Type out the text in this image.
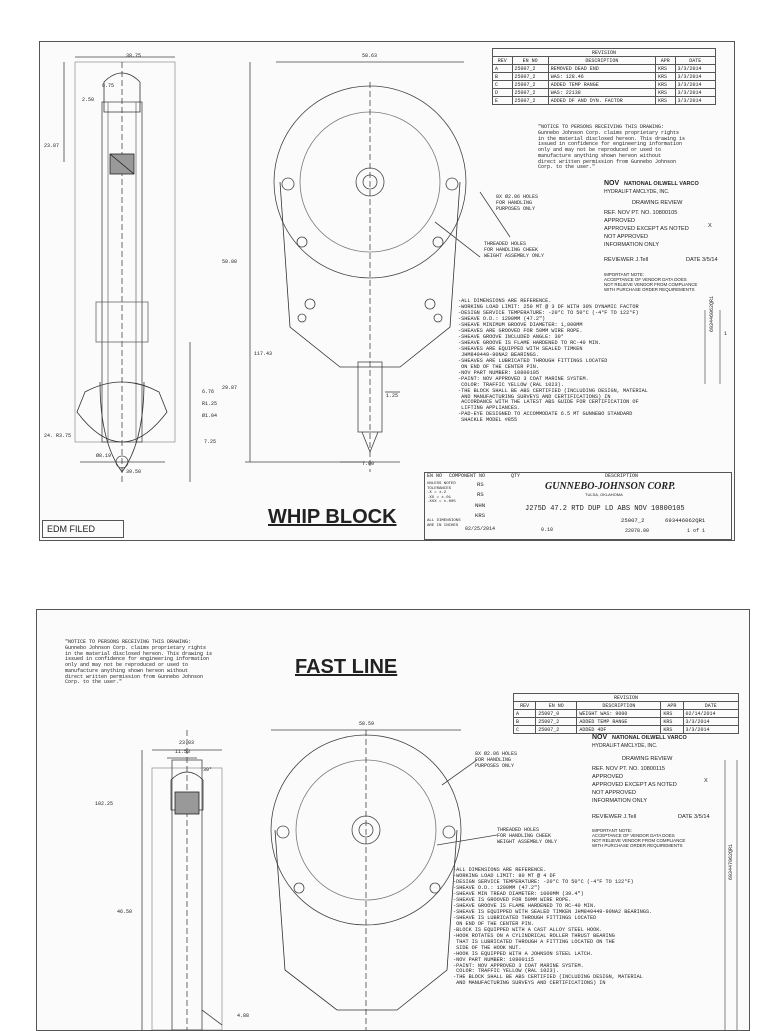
REVISION				
REV	EN NO	DESCRIPTION	APR	DATE
A	25007_2	REMOVED DEAD END	KRS	3/3/2014
B	25007_2	WAS: 128.46	KRS	3/3/2014
C	25007_2	ADDED TEMP RANGE	KRS	3/3/2014
D	25007_2	WAS: 22138	KRS	3/3/2014
E	25007_2	ADDED DF AND DYN. FACTOR	KRS	3/3/2014
"NOTICE TO PERSONS RECEIVING THIS DRAWING:
Gunnebo Johnson Corp. claims proprietary rights
in the material disclosed hereon. This drawing is
issued in confidence for engineering information
only and may not be reproduced or used to
manufacture anything shown hereon without
direct written permission from Gunnebo Johnson
Corp. to the user."
NOV NATIONAL OILWELL VARCO
HYDRALIFT AMCLYDE, INC.
DRAWING REVIEW
REF. NOV PT. NO. 10800105
APPROVED
APPROVED EXCEPT AS NOTED	X
NOT APPROVED
INFORMATION ONLY
REVIEWER J.Tell	DATE 3/5/14
IMPORTANT NOTE:
ACCEPTANCE OF VENDOR DATA DOES
NOT RELIEVE VENDOR FROM COMPLIANCE
WITH PURCHASE ORDER REQUIREMENTS
38.75	58.63
6.75
2.50
23.87
50.00
117.43
6.76
R1.25
29.87
Ø1.04
24. R3.75
Ø8.19
39.50
7.25
7.00
1.25
8X Ø2.06 HOLES
FOR HANDLING
PURPOSES ONLY
THREADED HOLES
FOR HANDLING CHEEK
WEIGHT ASSEMBLY ONLY
-ALL DIMENSIONS ARE REFERENCE.
-WORKING LOAD LIMIT: 250 MT @ 3 DF WITH 30% DYNAMIC FACTOR
-DESIGN SERVICE TEMPERATURE: -20°C TO 50°C (-4°F TO 122°F)
-SHEAVE O.D.: 1200MM (47.2")
-SHEAVE MINIMUM GROOVE DIAMETER: 1,000MM
-SHEAVES ARE GROOVED FOR 50MM WIRE ROPE.
-SHEAVE GROOVE INCLUDED ANGLE: 30°
-SHEAVE GROOVE IS FLAME HARDENED TO RC-40 MIN.
-SHEAVES ARE EQUIPPED WITH SEALED TIMKEN
JHM840449-90NA2 BEARINGS.
-SHEAVES ARE LUBRICATED THROUGH FITTINGS LOCATED
ON END OF THE CENTER PIN.
-NOV PART NUMBER: 10800105
-PAINT: NOV APPROVED 3 COAT MARINE SYSTEM.
COLOR: TRAFFIC YELLOW (RAL 1023).
-THE BLOCK SHALL BE ABS CERTIFIED (INCLUDING DESIGN, MATERIAL
AND MANUFACTURING SURVEYS AND CERTIFICATIONS) IN
ACCORDANCE WITH THE LATEST ABS GUIDE FOR CERTIFICATION OF
LIFTING APPLIANCES.
-PAD-EYE DESIGNED TO ACCOMMODATE 6.5 MT GUNNEBO STANDARD
SHACKLE MODEL #855
693446062QR1
1
EN NO COMPONENT NO	QTY	DESCRIPTION
UNLESS NOTED
TOLERANCES
.X = ±.2
.XX = ±.01
.XXX = ±.005
ALL DIMENSIONS
ARE IN INCHES
RS
RS
NHN
KRS
02/25/2014
GUNNEBO-JOHNSON CORP.
TULSA, OKLAHOMA
J275D 47.2 RTD DUP LD ABS NOV 10800105
0.10
25007_2	693446062QR1
22078.00	1 of 1
WHIP BLOCK
EDM FILED
"NOTICE TO PERSONS RECEIVING THIS DRAWING:
Gunnebo Johnson Corp. claims proprietary rights
in the material disclosed hereon. This drawing is
issued in confidence for engineering information
only and may not be reproduced or used to
manufacture anything shown hereon without
direct written permission from Gunnebo Johnson
Corp. to the user."
FAST LINE
REVISION				
REV	EN NO	DESCRIPTION	APR	DATE
A	25007_0	WEIGHT WAS: 9000	KRS	02/14/2014
B	25007_2	ADDED TEMP RANGE	KRS	3/3/2014
C	25007_2	ADDED 4DF	KRS	3/3/2014
NOV NATIONAL OILWELL VARCO
HYDRALIFT AMCLYDE, INC.
DRAWING REVIEW
REF. NOV PT. NO. 10800115
APPROVED
APPROVED EXCEPT AS NOTED
X
NOT APPROVED
INFORMATION ONLY
REVIEWER J.Tell	DATE 3/5/14
IMPORTANT NOTE:
ACCEPTANCE OF VENDOR DATA DOES
NOT RELIEVE VENDOR FROM COMPLIANCE
WITH PURCHASE ORDER REQUIREMENTS
23.03
11.53
58.59
102.25
46.50
4.88
30°
8X Ø2.06 HOLES
FOR HANDLING
PURPOSES ONLY
THREADED HOLES
FOR HANDLING CHEEK
WEIGHT ASSEMBLY ONLY
-ALL DIMENSIONS ARE REFERENCE.
-WORKING LOAD LIMIT: 80 MT @ 4 DF
-DESIGN SERVICE TEMPERATURE: -20°C TO 50°C (-4°F TO 122°F)
-SHEAVE O.D.: 1200MM (47.2")
-SHEAVE MIN TREAD DIAMETER: 1000MM (39.4")
-SHEAVE IS GROOVED FOR 50MM WIRE ROPE.
-SHEAVE GROOVE IS FLAME HARDENED TO RC-40 MIN.
-SHEAVE IS EQUIPPED WITH SEALED TIMKEN JHM840449-90NA2 BEARINGS.
-SHEAVE IS LUBRICATED THROUGH FITTINGS LOCATED
ON END OF THE CENTER PIN.
-BLOCK IS EQUIPPED WITH A CAST ALLOY STEEL HOOK.
-HOOK ROTATES ON A CYLINDRICAL ROLLER THRUST BEARING
THAT IS LUBRICATED THROUGH A FITTING LOCATED ON THE
SIDE OF THE HOOK NUT.
-HOOK IS EQUIPPED WITH A JOHNSON STEEL LATCH.
-NOV PART NUMBER: 10800115
-PAINT: NOV APPROVED 3 COAT MARINE SYSTEM.
COLOR: TRAFFIC YELLOW (RAL 1023).
-THE BLOCK SHALL BE ABS CERTIFIED (INCLUDING DESIGN, MATERIAL
AND MANUFACTURING SURVEYS AND CERTIFICATIONS) IN
693447062QR1
